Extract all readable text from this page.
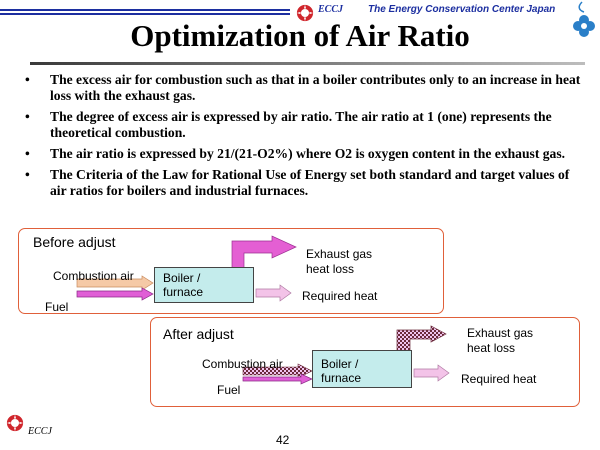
ECCJ The Energy Conservation Center Japan
Optimization of Air Ratio
• The excess air for combustion such as that in a boiler contributes only to an increase in heat loss with the exhaust gas.
• The degree of excess air is expressed by air ratio. The air ratio at 1 (one) represents the theoretical combustion.
• The air ratio is expressed by 21/(21-O2%) where O2 is oxygen content in the exhaust gas.
• The Criteria of the Law for Rational Use of Energy set both standard and target values of air ratios for boilers and industrial furnaces.
Before adjust
Combustion air
Fuel
Boiler /
furnace
Exhaust gas
heat loss
Required heat
After adjust
Combustion air
Fuel
Boiler /
furnace
Exhaust gas
heat loss
Required heat
ECCJ
42
